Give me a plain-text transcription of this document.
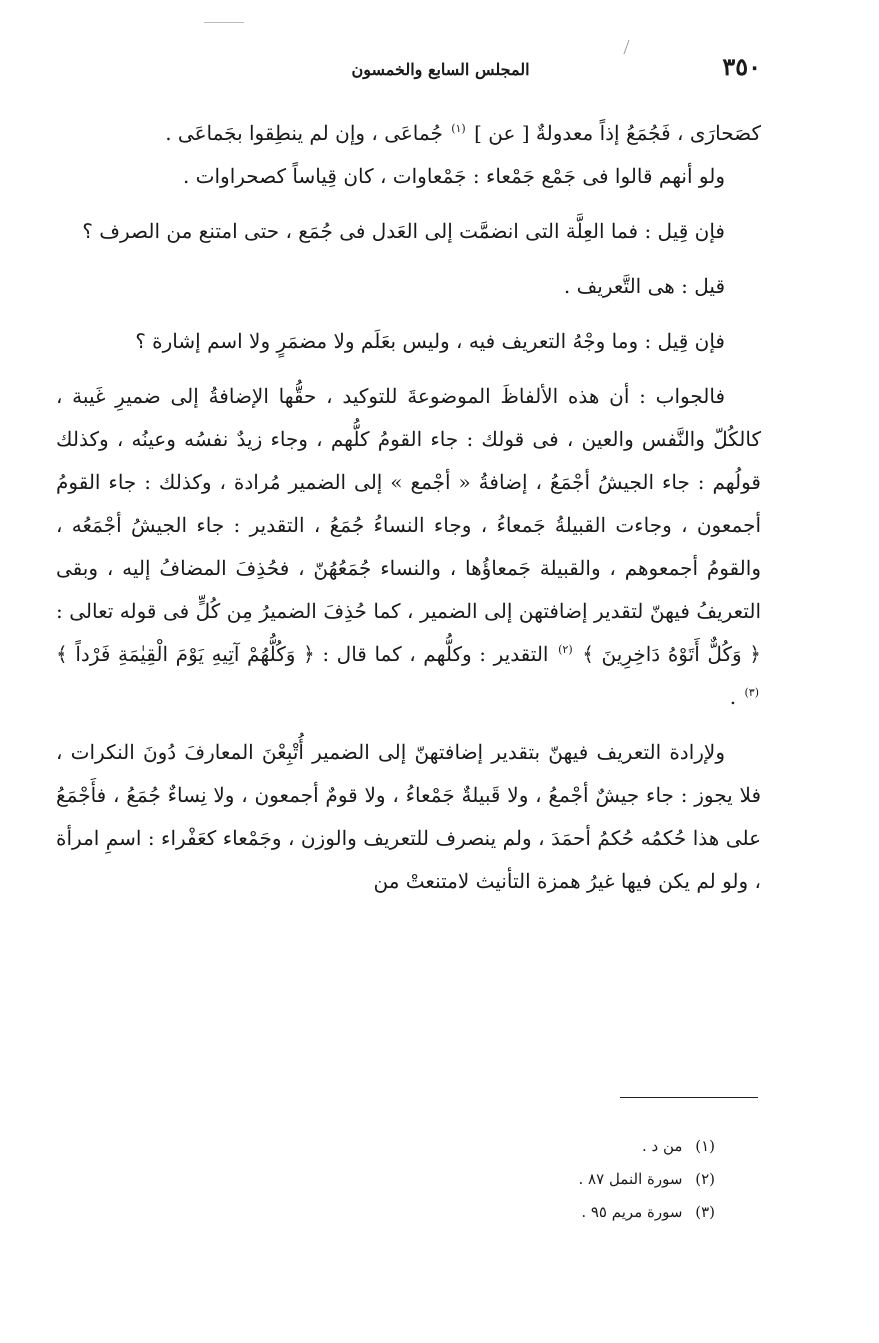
٣٥٠
المجلس السابع والخمسون

كصَحارَى ، فَجُمَعُ إذاً معدولةٌ [ عن ] $^{(١)}$ جُماعَى ، وإن لم ينطِقوا بجَماعَى .

ولو أنهم قالوا فى جَمْع جَمْعاء : جَمْعاوات ، كان قِياساً كصحراوات .

فإن قِيل : فما العِلَّة التى انضمَّت إلى العَدل فى جُمَع ، حتى امتنع من الصرف ؟

قيل : هى التَّعريف .

فإن قِيل : وما وجْهُ التعريف فيه ، وليس بعَلَم ولا مضمَرٍ ولا اسم إشارة ؟

فالجواب : أن هذه الألفاظَ الموضوعةَ للتوكيد ، حقُّها الإضافةُ إلى ضميرِ غَيبة ، كالكُلّ والنَّفس والعين ، فى قولك : جاء القومُ كلُّهم ، وجاء زيدٌ نفسُه وعينُه ، وكذلك قولُهم : جاء الجيشُ أجْمَعُ ، إضافةُ « أجْمع » إلى الضمير مُرادة ، وكذلك : جاء القومُ أجمعون ، وجاءت القبيلةُ جَمعاءُ ، وجاء النساءُ جُمَعُ ، التقدير : جاء الجيشُ أجْمَعُه ، والقومُ أجمعوهم ، والقبيلة جَمعاؤُها ، والنساء جُمَعُهُنّ ، فحُذِفَ المضافُ إليه ، وبقى التعريفُ فيهنّ لتقدير إضافتهن إلى الضمير ، كما حُذِفَ الضميرُ مِن كُلٍّ فى قوله تعالى : ﴿ وَكُلٌّ أَتَوْهُ دَاخِرِينَ ﴾ $^{(٢)}$ التقدير : وكلُّهم ، كما قال : ﴿ وَكُلُّهُمْ آتِيهِ يَوْمَ الْقِيٰمَةِ فَرْداً ﴾ $^{(٣)}$ .

ولإرادة التعريف فيهنّ بتقدير إضافتهنّ إلى الضمير أُتْبِعْنَ المعارفَ دُونَ النكرات ، فلا يجوز : جاء جيشٌ أجْمعُ ، ولا قَبيلةٌ جَمْعاءُ ، ولا قومٌ أجمعون ، ولا نِساءٌ جُمَعُ ، فأَجْمَعُ على هذا حُكمُه حُكمُ أحمَدَ ، ولم ينصرف للتعريف والوزن ، وجَمْعاء كعَفْراء : اسمِ امرأة ، ولو لم يكن فيها غيرُ همزة التأنيث لامتنعتْ من

(١) من د .
(٢) سورة النمل ٨٧ .
(٣) سورة مريم ٩٥ .
